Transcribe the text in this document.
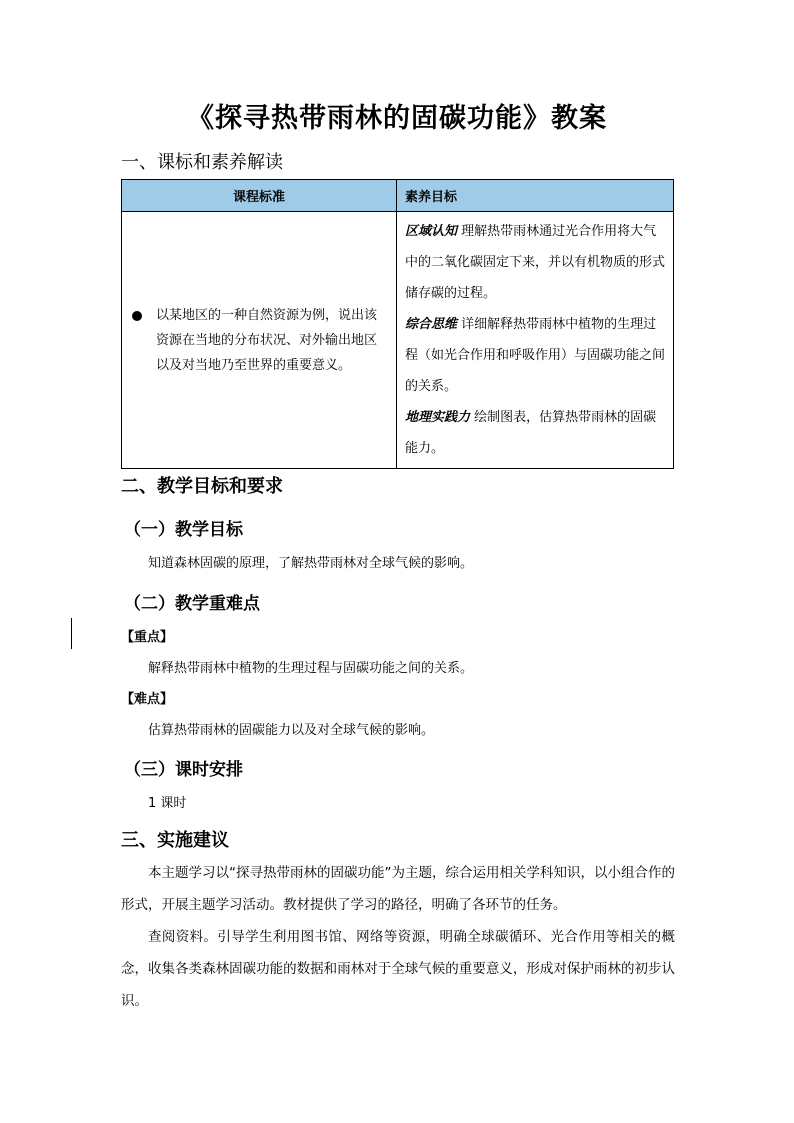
《探寻热带雨林的固碳功能》教案
一、课标和素养解读
课程标准	素养目标

以某地区的一种自然资源为例，说出该资源在当地的分布状况、对外输出地区以及对当地乃至世界的重要意义。	区域认知 理解热带雨林通过光合作用将大气中的二氧化碳固定下来，并以有机物质的形式储存碳的过程。
综合思维 详细解释热带雨林中植物的生理过程（如光合作用和呼吸作用）与固碳功能之间的关系。
地理实践力 绘制图表，估算热带雨林的固碳能力。
二、教学目标和要求
（一）教学目标
知道森林固碳的原理，了解热带雨林对全球气候的影响。
（二）教学重难点
【重点】
解释热带雨林中植物的生理过程与固碳功能之间的关系。
【难点】
估算热带雨林的固碳能力以及对全球气候的影响。
（三）课时安排
1 课时
三、实施建议

本主题学习以“探寻热带雨林的固碳功能”为主题，综合运用相关学科知识，以小组合作的形式，开展主题学习活动。教材提供了学习的路径，明确了各环节的任务。

查阅资料。引导学生利用图书馆、网络等资源，明确全球碳循环、光合作用等相关的概念，收集各类森林固碳功能的数据和雨林对于全球气候的重要意义，形成对保护雨林的初步认识。
